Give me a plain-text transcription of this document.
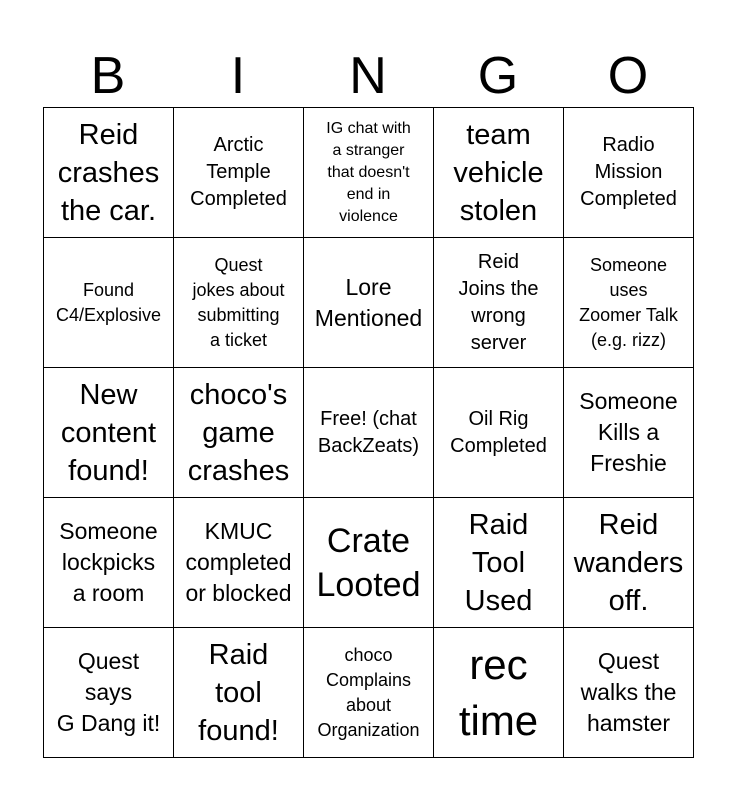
B	I	N	G	O
Reid
crashes
the car.	Arctic
Temple
Completed	IG chat with
a stranger
that doesn't
end in
violence	team
vehicle
stolen	Radio
Mission
Completed

Found
C4/Explosive	Quest
jokes about
submitting
a ticket	Lore
Mentioned	Reid
Joins the
wrong
server	Someone
uses
Zoomer Talk
(e.g. rizz)

New
content
found!	choco's
game
crashes	Free! (chat
BackZeats)	Oil Rig
Completed	Someone
Kills a
Freshie

Someone
lockpicks
a room	KMUC
completed
or blocked	Crate
Looted	Raid
Tool
Used	Reid
wanders
off.

Quest
says
G Dang it!	Raid
tool
found!	choco
Complains
about
Organization	rec
time	Quest
walks the
hamster
